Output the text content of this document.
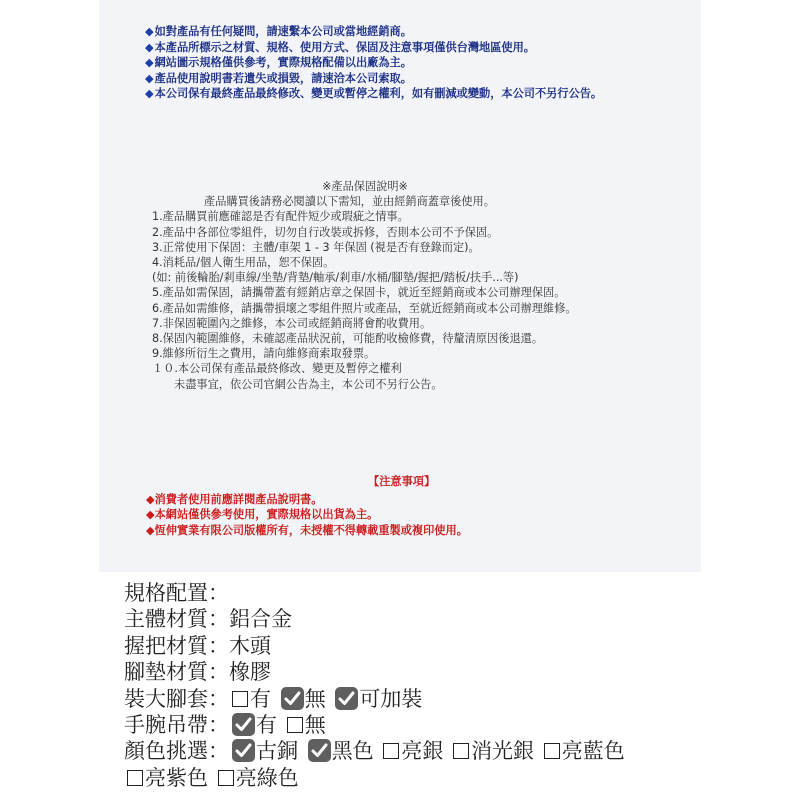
◆如對產品有任何疑問，請速繫本公司或當地經銷商。
◆本產品所標示之材質、規格、使用方式、保固及注意事項僅供台灣地區使用。
◆網站圖示規格僅供參考，實際規格配備以出廠為主。
◆產品使用說明書若遺失或損毀，請速洽本公司索取。
◆本公司保有最終產品最終修改、變更或暫停之權利，如有刪減或變動，本公司不另行公告。
※產品保固說明※
產品購買後請務必閱讀以下需知，並由經銷商蓋章後使用。
1.產品購買前應確認是否有配件短少或瑕疵之情事。
2.產品中各部位零組件，切勿自行改裝或拆修，否則本公司不予保固。
3.正常使用下保固：主體/車架 1 - 3 年保固 (視是否有登錄而定)。
4.消耗品/個人衛生用品，恕不保固。
(如: 前後輪胎/剎車線/坐墊/背墊/軸承/剎車/水桶/腳墊/握把/踏板/扶手...等)
5.產品如需保固，請攜帶蓋有經銷店章之保固卡，就近至經銷商或本公司辦理保固。
6.產品如需維修，請攜帶損壞之零組件照片或產品，至就近經銷商或本公司辦理維修。
7.非保固範圍內之維修，本公司或經銷商將會酌收費用。
8.保固內範圍維修，未確認產品狀況前，可能酌收檢修費，待釐清原因後退還。
9.維修所衍生之費用，請向維修商索取發票。
１０.本公司保有產品最終修改、變更及暫停之權利
未盡事宜，依公司官網公告為主，本公司不另行公告。
【注意事項】
◆消費者使用前應詳閱產品說明書。
◆本網站僅供參考使用，實際規格以出貨為主。
◆恆伸實業有限公司版權所有，未授權不得轉載重製或複印使用。
規格配置：
主體材質：鋁合金
握把材質：木頭
腳墊材質：橡膠
裝大腳套： 有 無 可加裝
手腕吊帶： 有 無
顏色挑選： 古銅 黑色 亮銀 消光銀 亮藍色 亮紫色 亮綠色
